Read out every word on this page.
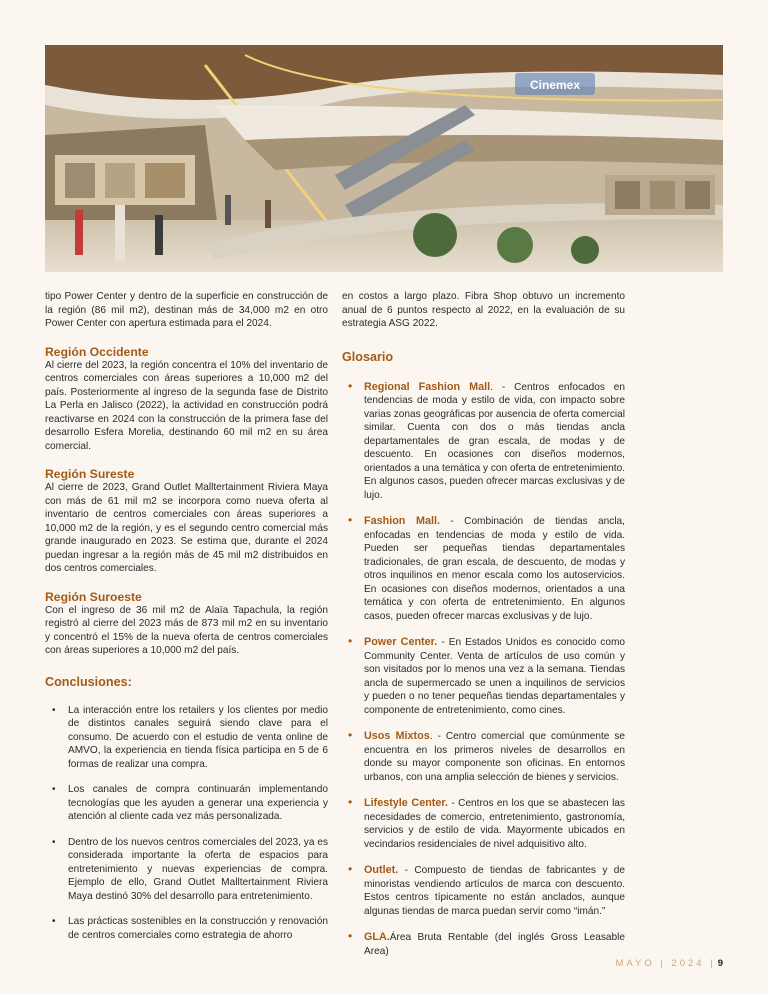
Cinemex

tipo Power Center y dentro de la superficie en construcción de la región (86 mil m2), destinan más de 34,000 m2 en otro Power Center con apertura estimada para el 2024.

Región Occidente

Al cierre del 2023, la región concentra el 10% del inventario de centros comerciales con áreas superiores a 10,000 m2 del país. Posteriormente al ingreso de la segunda fase de Distrito La Perla en Jalisco (2022), la actividad en construcción podrá reactivarse en 2024 con la construcción de la primera fase del desarrollo Esfera Morelia, destinando 60 mil m2 en su área comercial.

Región Sureste

Al cierre de 2023, Grand Outlet Malltertainment Riviera Maya con más de 61 mil m2 se incorpora como nueva oferta al inventario de centros comerciales con áreas superiores a 10,000 m2 de la región, y es el segundo centro comercial más grande inaugurado en 2023. Se estima que, durante el 2024 puedan ingresar a la región más de 45 mil m2 distribuidos en dos centros comerciales.

Región Suroeste

Con el ingreso de 36 mil m2 de Alaïa Tapachula, la región registró al cierre del 2023 más de 873 mil m2 en su inventario y concentró el 15% de la nueva oferta de centros comerciales con áreas superiores a 10,000 m2 del país.

Conclusiones:
• La interacción entre los retailers y los clientes por medio de distintos canales seguirá siendo clave para el consumo. De acuerdo con el estudio de venta online de AMVO, la experiencia en tienda física participa en 5 de 6 formas de realizar una compra.
• Los canales de compra continuarán implementando tecnologías que les ayuden a generar una experiencia y atención al cliente cada vez más personalizada.
• Dentro de los nuevos centros comerciales del 2023, ya es considerada importante la oferta de espacios para entretenimiento y nuevas experiencias de compra. Ejemplo de ello, Grand Outlet Malltertainment Riviera Maya destinó 30% del desarrollo para entretenimiento.
• Las prácticas sostenibles en la construcción y renovación de centros comerciales como estrategia de ahorro

en costos a largo plazo. Fibra Shop obtuvo un incremento anual de 6 puntos respecto al 2022, en la evaluación de su estrategia ASG 2022.

Glosario
• Regional Fashion Mall. - Centros enfocados en tendencias de moda y estilo de vida, con impacto sobre varias zonas geográficas por ausencia de oferta comercial similar. Cuenta con dos o más tiendas ancla departamentales de gran escala, de modas y de descuento. En ocasiones con diseños modernos, orientados a una temática y con oferta de entretenimiento. En algunos casos, pueden ofrecer marcas exclusivas y de lujo.
• Fashion Mall. - Combinación de tiendas ancla, enfocadas en tendencias de moda y estilo de vida. Pueden ser pequeñas tiendas departamentales tradicionales, de gran escala, de descuento, de modas y otros inquilinos en menor escala como los autoservicios. En ocasiones con diseños modernos, orientados a una temática y con oferta de entretenimiento. En algunos casos, pueden ofrecer marcas exclusivas y de lujo.
• Power Center. - En Estados Unidos es conocido como Community Center. Venta de artículos de uso común y son visitados por lo menos una vez a la semana. Tiendas ancla de supermercado se unen a inquilinos de servicios y pueden o no tener pequeñas tiendas departamentales y componente de entretenimiento, como cines.
• Usos Mixtos. - Centro comercial que comúnmente se encuentra en los primeros niveles de desarrollos en donde su mayor componente son oficinas. En entornos urbanos, con una amplia selección de bienes y servicios.
• Lifestyle Center. - Centros en los que se abastecen las necesidades de comercio, entretenimiento, gastronomía, servicios y de estilo de vida. Mayormente ubicados en vecindarios residenciales de nivel adquisitivo alto.
• Outlet. - Compuesto de tiendas de fabricantes y de minoristas vendiendo artículos de marca con descuento. Estos centros típicamente no están anclados, aunque algunas tiendas de marca puedan servir como “imán.”
• GLA.Área Bruta Rentable (del inglés Gross Leasable Area)
MAYO | 2024 | 9
